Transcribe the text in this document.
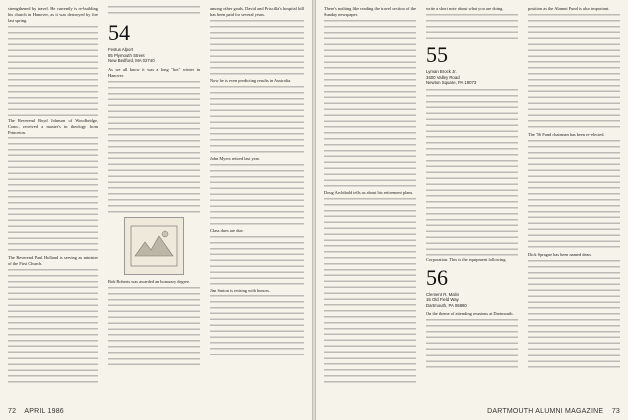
strengthened by travel. He currently is re-building his church in Hanover, as it was destroyed by fire last spring.

The Reverend Boyd Johnson of Woodbridge, Conn., received a master's in theology from Princeton.

The Reverend Paul Holland is serving as minister of the First Church.

54
Festus Alport
85 Plymouth Street
New Bedford, MA 02740

As we all know it was a long "hot" winter in Hanover.

Bob Roberts was awarded an honorary degree.

among other goals. David and Priscilla's hospital bill has been paid for several years.

Now he is even predicting results in Australia.

John Myers retired last year.

Class dues are due.

Jim Sutton is retiring with honors.

72 APRIL 1986

There's nothing like reading the travel section of the Sunday newspaper.

Doug Archibald tells us about his retirement plans.

write a short note about what you are doing.

55
Lyman Brock Jr.
3400 Valley Road
Newton Square, PA 19073

Corporation. This is the equipment following.

56
Clement R. Malin
15 Old Field Way
Dartmouth, PA 06880

On the theme of attending reunions at Dartmouth.

position as the Alumni Fund is also important.

The '56 Fund chairman has been re-elected.

Dick Sprague has been named dean.

DARTMOUTH ALUMNI MAGAZINE 73
